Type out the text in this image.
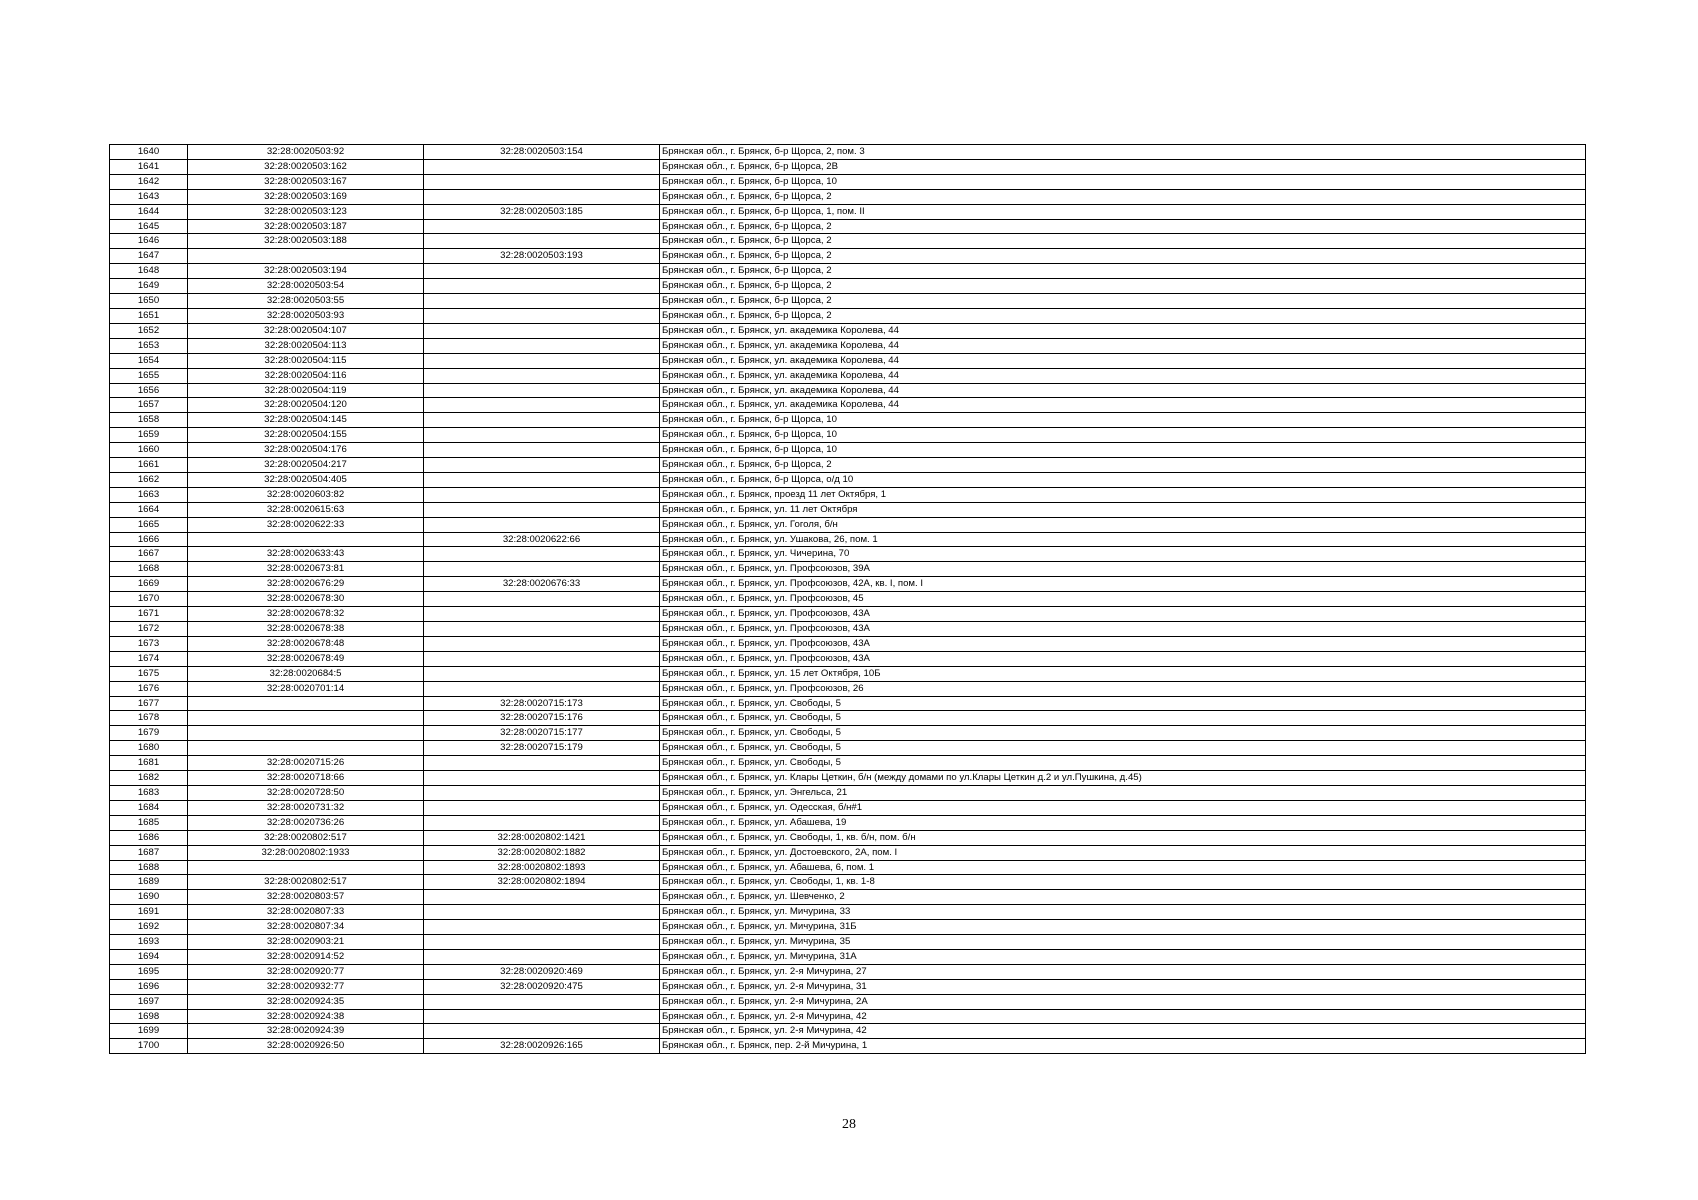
1640	32:28:0020503:92	32:28:0020503:154	Брянская обл., г. Брянск, б-р Щорса, 2, пом. 3
1641	32:28:0020503:162		Брянская обл., г. Брянск, б-р Щорса, 2В
1642	32:28:0020503:167		Брянская обл., г. Брянск, б-р Щорса, 10
1643	32:28:0020503:169		Брянская обл., г. Брянск, б-р Щорса, 2
1644	32:28:0020503:123	32:28:0020503:185	Брянская обл., г. Брянск, б-р Щорса, 1, пом. II
1645	32:28:0020503:187		Брянская обл., г. Брянск, б-р Щорса, 2
1646	32:28:0020503:188		Брянская обл., г. Брянск, б-р Щорса, 2
1647		32:28:0020503:193	Брянская обл., г. Брянск, б-р Щорса, 2
1648	32:28:0020503:194		Брянская обл., г. Брянск, б-р Щорса, 2
1649	32:28:0020503:54		Брянская обл., г. Брянск, б-р Щорса, 2
1650	32:28:0020503:55		Брянская обл., г. Брянск, б-р Щорса, 2
1651	32:28:0020503:93		Брянская обл., г. Брянск, б-р Щорса, 2
1652	32:28:0020504:107		Брянская обл., г. Брянск, ул. академика Королева, 44
1653	32:28:0020504:113		Брянская обл., г. Брянск, ул. академика Королева, 44
1654	32:28:0020504:115		Брянская обл., г. Брянск, ул. академика Королева, 44
1655	32:28:0020504:116		Брянская обл., г. Брянск, ул. академика Королева, 44
1656	32:28:0020504:119		Брянская обл., г. Брянск, ул. академика Королева, 44
1657	32:28:0020504:120		Брянская обл., г. Брянск, ул. академика Королева, 44
1658	32:28:0020504:145		Брянская обл., г. Брянск, б-р Щорса, 10
1659	32:28:0020504:155		Брянская обл., г. Брянск, б-р Щорса, 10
1660	32:28:0020504:176		Брянская обл., г. Брянск, б-р Щорса, 10
1661	32:28:0020504:217		Брянская обл., г. Брянск, б-р Щорса, 2
1662	32:28:0020504:405		Брянская обл., г. Брянск, б-р Щорса, о/д 10
1663	32:28:0020603:82		Брянская обл., г. Брянск, проезд 11 лет Октября, 1
1664	32:28:0020615:63		Брянская обл., г. Брянск, ул. 11 лет Октября
1665	32:28:0020622:33		Брянская обл., г. Брянск, ул. Гоголя, б/н
1666		32:28:0020622:66	Брянская обл., г. Брянск, ул. Ушакова, 26, пом. 1
1667	32:28:0020633:43		Брянская обл., г. Брянск, ул. Чичерина, 70
1668	32:28:0020673:81		Брянская обл., г. Брянск, ул. Профсоюзов, 39А
1669	32:28:0020676:29	32:28:0020676:33	Брянская обл., г. Брянск, ул. Профсоюзов, 42А, кв. I, пом. I
1670	32:28:0020678:30		Брянская обл., г. Брянск, ул. Профсоюзов, 45
1671	32:28:0020678:32		Брянская обл., г. Брянск, ул. Профсоюзов, 43А
1672	32:28:0020678:38		Брянская обл., г. Брянск, ул. Профсоюзов, 43А
1673	32:28:0020678:48		Брянская обл., г. Брянск, ул. Профсоюзов, 43А
1674	32:28:0020678:49		Брянская обл., г. Брянск, ул. Профсоюзов, 43А
1675	32:28:0020684:5		Брянская обл., г. Брянск, ул. 15 лет Октября, 10Б
1676	32:28:0020701:14		Брянская обл., г. Брянск, ул. Профсоюзов, 26
1677		32:28:0020715:173	Брянская обл., г. Брянск, ул. Свободы, 5
1678		32:28:0020715:176	Брянская обл., г. Брянск, ул. Свободы, 5
1679		32:28:0020715:177	Брянская обл., г. Брянск, ул. Свободы, 5
1680		32:28:0020715:179	Брянская обл., г. Брянск, ул. Свободы, 5
1681	32:28:0020715:26		Брянская обл., г. Брянск, ул. Свободы, 5
1682	32:28:0020718:66		Брянская обл., г. Брянск, ул. Клары Цеткин, б/н (между домами по ул.Клары Цеткин д.2 и ул.Пушкина, д.45)
1683	32:28:0020728:50		Брянская обл., г. Брянск, ул. Энгельса, 21
1684	32:28:0020731:32		Брянская обл., г. Брянск, ул. Одесская, б/н#1
1685	32:28:0020736:26		Брянская обл., г. Брянск, ул. Абашева, 19
1686	32:28:0020802:517	32:28:0020802:1421	Брянская обл., г. Брянск, ул. Свободы, 1, кв. б/н, пом. б/н
1687	32:28:0020802:1933	32:28:0020802:1882	Брянская обл., г. Брянск, ул. Достоевского, 2А, пом. I
1688		32:28:0020802:1893	Брянская обл., г. Брянск, ул. Абашева, 6, пом. 1
1689	32:28:0020802:517	32:28:0020802:1894	Брянская обл., г. Брянск, ул. Свободы, 1, кв. 1-8
1690	32:28:0020803:57		Брянская обл., г. Брянск, ул. Шевченко, 2
1691	32:28:0020807:33		Брянская обл., г. Брянск, ул. Мичурина, 33
1692	32:28:0020807:34		Брянская обл., г. Брянск, ул. Мичурина, 31Б
1693	32:28:0020903:21		Брянская обл., г. Брянск, ул. Мичурина, 35
1694	32:28:0020914:52		Брянская обл., г. Брянск, ул. Мичурина, 31А
1695	32:28:0020920:77	32:28:0020920:469	Брянская обл., г. Брянск, ул. 2-я Мичурина, 27
1696	32:28:0020932:77	32:28:0020920:475	Брянская обл., г. Брянск, ул. 2-я Мичурина, 31
1697	32:28:0020924:35		Брянская обл., г. Брянск, ул. 2-я Мичурина, 2А
1698	32:28:0020924:38		Брянская обл., г. Брянск, ул. 2-я Мичурина, 42
1699	32:28:0020924:39		Брянская обл., г. Брянск, ул. 2-я Мичурина, 42
1700	32:28:0020926:50	32:28:0020926:165	Брянская обл., г. Брянск, пер. 2-й Мичурина, 1
28
